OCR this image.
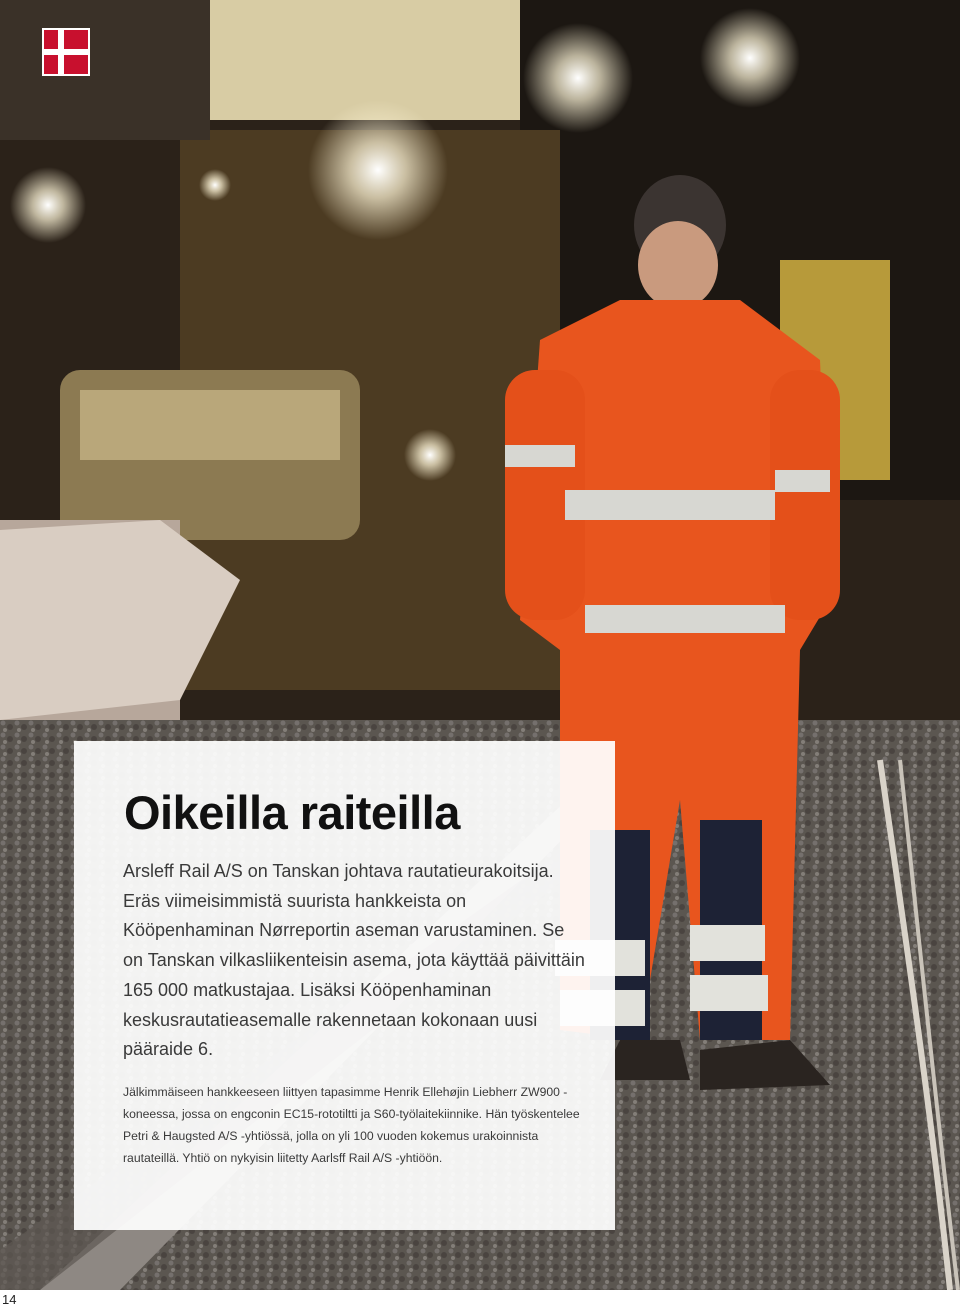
Oikeilla raiteilla

Arsleff Rail A/S on Tanskan johtava rautatieurakoitsija. Eräs viimeisimmistä suurista hankkeista on Kööpenhaminan Nørreportin aseman varustaminen. Se on Tanskan vilkasliikenteisin asema, jota käyttää päivittäin 165 000 matkustajaa. Lisäksi Kööpenhaminan keskusrautatieasemalle rakennetaan kokonaan uusi pääraide 6.

Jälkimmäiseen hankkeeseen liittyen tapasimme Henrik Ellehøjin Liebherr ZW900 -koneessa, jossa on engconin EC15-rototiltti ja S60-työlaitekiinnike. Hän työskentelee Petri & Haugsted A/S -yhtiössä, jolla on yli 100 vuoden kokemus urakoinnista rautateillä. Yhtiö on nykyisin liitetty Aarlsff Rail A/S -yhtiöön.

14
